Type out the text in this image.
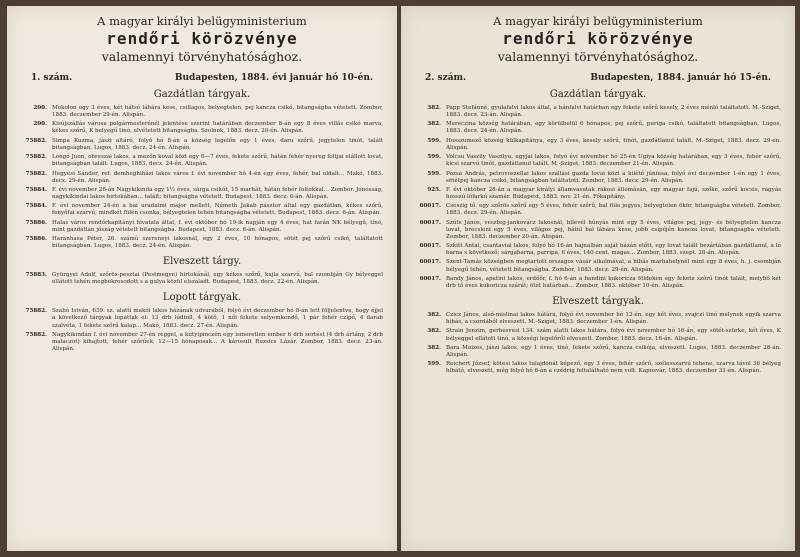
A magyar királyi belügyministerium
rendőri körözvénye
valamennyi törvényhatósághoz.
1. szám.	Budapesten, 1884. évi január hó 10-én.
Gazdátlan tárgyak.
200. Mokolon egy 3 éves, két hátsó lábára kese, csillagos, belyegtelen, pej kancza csikó, bitangságba vétetett. Zombor, 1883. deczember 29-én. Alispán.
200. Kisújszállás városa polgármesterénél jelentése szerint határában deczember 8-án egy 8 éves villás csikó marva, kékes szőrű, K belyegű tinó, elvétetett bitangságba. Szolnok, 1883. decz. 29-én. Alispán.
75882. Simpa Kuzma, jászi altáró, folyó hó 8-án a község legelőn egy 1 éves, daru szőrű, jegytelen tinót, talált bitangságban. Lugos, 1883. decz. 24-én. Alispán.
75882. Longó Juon, obreszai lakos, a mezőn koval közt egy 6—7 éves, fekete szőrű, hátán fehér nyereg foltjai elállott lovat, bitangságban talált. Lugos, 1883. decz. 24-én. Alispán.
75882. Hegyesi Sándor, ref. demheghiházi lakos város f. évi november hó 4-én egy éves, fehér, bal oldalt... Makó, 1883. decz. 29-én. Alispán.
75884. F. évi november 26-án Nagykikinda egy 1½ éves, sárga csikót, 15 marhát, hátán fehér foltokkal... Zombor. Jónosság, nagykikindai lakos birtokában... talált; bitangságba vétetett. Budapest, 1883. decz. 6-án. Alispán.
75884. F. évi november 24-én a bai uradalmi major mellett, Németh Jakab pásztor által egy gazdátlan, kékes szőrű, fenyőfai szarvú, mindkét fülén csonka, bélyegtelen tehén bitangságba vétetett. Budapest, 1883. decz. 6-án. Alispán.
75886. Halas város rendőrkapitányi hivatala által, f. évi október hó 19-ik napján egy 4 éves, hat farán NK bélyegű, tinó, mint gazdátlan jószág vétetett bitangságba. Budapest, 1883. decz. 6-án. Alispán.
75886. Haranhasa Péter, 26. számú szereneyi lakosnál, egy 2 éves, 10 hónapos, sötét pej szőrű csikó, találtatott bitangságban. Lugos, 1883. decz. 24-én. Alispán.
Elveszett tárgy.
75883. Gyürgyei Adolf, szőrös-pesztai (Pestmegye) birtokánál, egy kékes szőrű, kajla szarvú, bal czombján Gy bélyeggel ellátott tehén megbokrosodott s a gulya közül elszaladt. Budapest, 1883. decz. 22-én. Alispán.
Lopott tárgyak.
75882. Szabó István, 639. sz. alatti makói lakos házának udvarából, folyó évi deczember hó 8-án lett följelentve, hogy éjjel a következő tárgyak lopattak el: 13 drb lúdtoll, 4 kötő, 1 női fekete selyemkendő, 1 pár fehér czipő, 4 darab szalvéta, 1 fekete szőrű kalap... Makó, 1883. decz. 27-én. Alispán.
75882. Nagykikindán f. évi november 27-én reggel, a kutyipinczén egy ismeretlen ember 6 drb sertést (4 drb ártány, 2 drb malaczot) kihajtott, fehér szőrűek, 12—15 hónaposak... A károsult Ruzsics Lázár. Zombor, 1883. decz. 23-án. Alispán.
A magyar királyi belügyministerium
rendőri körözvénye
valamennyi törvényhatósághoz.
2. szám.	Budapesten, 1884. január hó 15-én.
Gazdátlan tárgyak.
382. Papp Stefánné, gyulafalvi lakos által, a bánfalvi határban egy fekete szőrű kesely, 2 éves ménló találtatott. M.-Sziget, 1883. decz. 23-án. Alispán.
382. Mereczina község határában, egy körülbelül 6 hónapos, pej szőrű, puriga csikó, találtatott bitangságban. Lugos, 1883. decz. 24-én. Alispán.
599. Hosszumező község külkapitánya, egy 3 éves, kesely szőrű, tinót, gazdátlanul talált. M.-Sziget, 1883. decz. 29-én. Alispán.
599. Volcsu Vaszily Vaszilyu, ugyjai lakos, folyó évi november hó 25-én Ugiya község határában, egy 3 éves, fehér szőrű, kicsi szarvú tinót, gazdátlanul talált. M.-Sziget, 1883. deczember 21-én. Alispán.
599. Pozsa András, petrovoszellai lakos szállási gazda lovai közt a kilétő júniusa, folyó évi deczember 1-én egy 1 éves, sötétpej kancza csikó, bitangságban találtatott. Zombor, 1883. decz. 29-én. Alispán.
925. F. évi október 28-án a magyar királyi államvasutak rákosi állomásán, egy magyar fajú, szőke, szőrű kocsis, ragyás hosszú lófarkú szamár. Budapest, 1883. nov. 21-én. Főkapitány.
60017. Cseszig tő. egy szőrös szőrű egy 5 éves, fehér szőrű, bal füle jegyes, belyegtelen ökör, bitangságba vétetett. Zombor, 1883. decz. 29-én. Alispán.
60017. Szűts János, veszteg-jankovácz lakosnál, bilevél húnyás mint egy 5 éves, világos pej, jegy- és bélyegtelen kancza lovat, brecsleni egy 5 éves, világos pej, hátul bal lábára kese, jobb csípőjén kancza lovat, bitangságba vétetett. Zombor, 1883. deczember 20-án. Alispán.
60017. Szkitt Antal, csantaviai lakos, folyó hó 16-án hajnalban saját házán előtt, egy lovat talált bezártában gazdátlanul, a ló barna s következő; sárgabarna, parripa, 6 éves, 140 cent. magas... Zombor, 1883. szept. 28-án. Alispán.
60017. Szent-Tamás községben megtartott országos vásár alkalmával, a hibás marhahelynél mint egy 8 éves, h. j. csombján bélyegű tehén, vétetett bitangságba. Zombor, 1883. decz. 29-én. Alispán.
60017. Bandy János, apatini lakos, erdőőr, f. hó 6-án a bandini kukoricza földeken egy fekete szőrű tinót talált, melybő két drb tő éves kukoricza szárát; ötét határban... Zombor, 1883. október 10-én. Alispán.
Elveszett tárgyak.
382. Czicz János, alsó-mislinai lakos hátára, folyó évi november hó 12-én, egy két éves, svajczi tinó melynek egyik szarva hibás, a csordából elveszett. M.-Sziget, 1883. deczember 1-én. Alispán.
382. Strain Jenzim, gerbesvesi 134. szám alatti lakos hátára, folyó évi november hó 16-án, egy sötét-szürke, két éves, K bélyeggel ellátott tinó, a községi legelőről elveszett. Zombor, 1883. decz. 16-án. Alispán.
382. Bara Moizes, jászi lakos, egy 1 éves, tinó, fekete szőrű, kancza csikója, elveszett. Lugos, 1883. deczember 28-án. Alispán.
599. Reichert József, kötesi lakos tulajdonát képező, egy 3 éves, fehér szőrű, szélesszarvú tehene, szarva távol 36 bélyeg hibátó, elveszett, még folyó hó 6-án a czédrig feltalálható nem volt. Kaposvár, 1883. deczember 31-én. Alispán.
